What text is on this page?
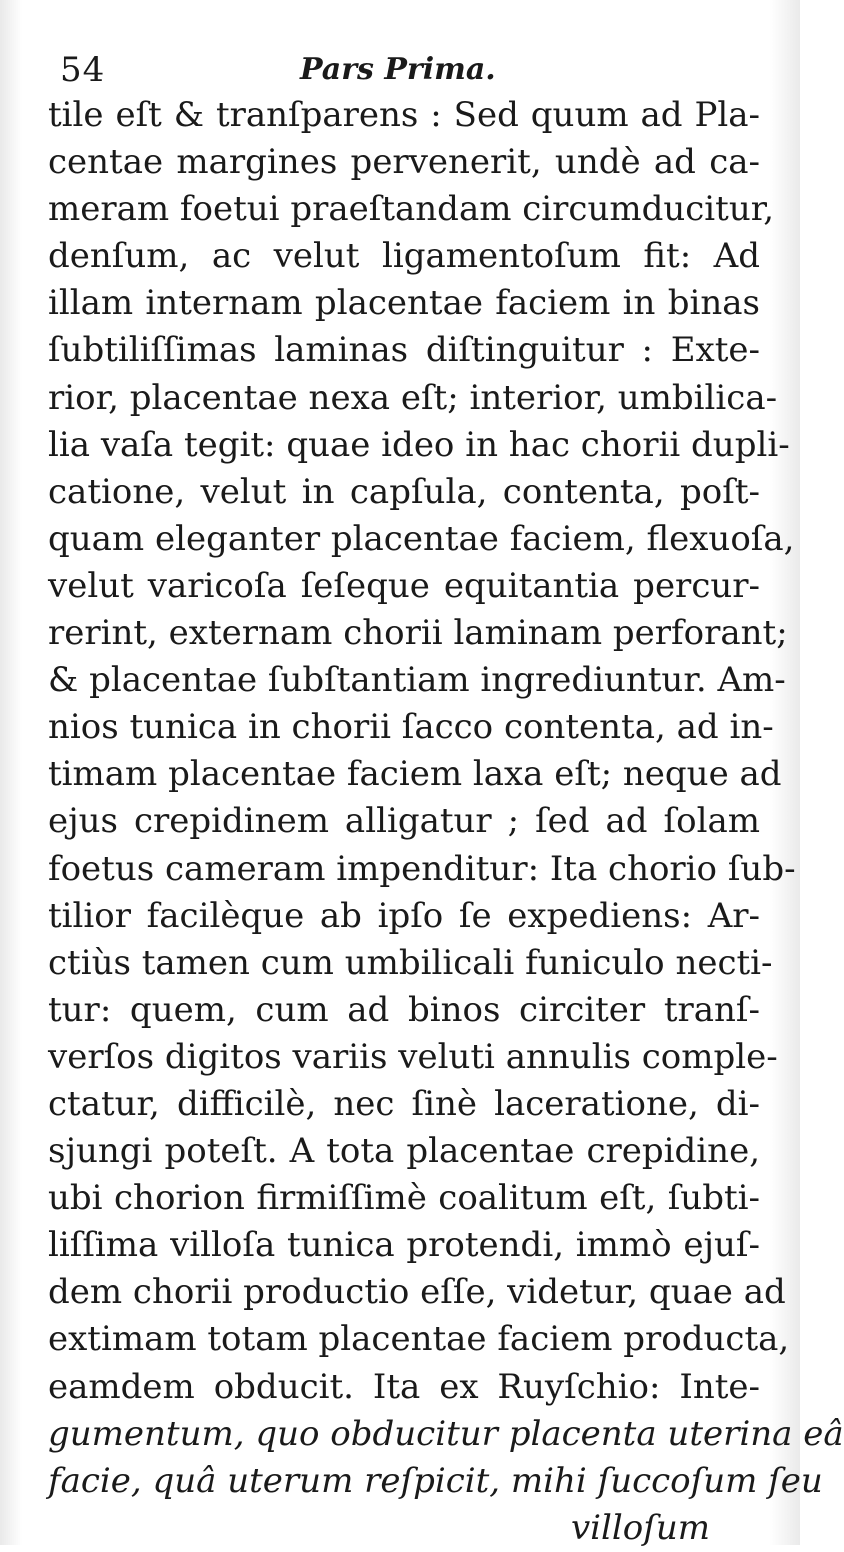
54	Pars Prima.
tile eſt & tranſparens : Sed quum ad Pla-
centae margines pervenerit, undè ad ca-
meram foetui praeſtandam circumducitur,
denſum, ac velut ligamentoſum fit: Ad
illam internam placentae faciem in binas
ſubtiliſſimas laminas diſtinguitur : Exte-
rior, placentae nexa eſt; interior, umbilica-
lia vaſa tegit: quae ideo in hac chorii dupli-
catione, velut in capſula, contenta, poſt-
quam eleganter placentae faciem, flexuoſa,
velut varicoſa ſeſeque equitantia percur-
rerint, externam chorii laminam perforant;
& placentae ſubſtantiam ingrediuntur. Am-
nios tunica in chorii ſacco contenta, ad in-
timam placentae faciem laxa eſt; neque ad
ejus crepidinem alligatur ; ſed ad ſolam
foetus cameram impenditur: Ita chorio ſub-
tilior facilèque ab ipſo ſe expediens: Ar-
ctiùs tamen cum umbilicali funiculo necti-
tur: quem, cum ad binos circiter tranſ-
verſos digitos variis veluti annulis comple-
ctatur, difficilè, nec ſinè laceratione, di-
sjungi poteſt. A tota placentae crepidine,
ubi chorion firmiſſimè coalitum eſt, ſubti-
liſſima villoſa tunica protendi, immò ejuſ-
dem chorii productio eſſe, videtur, quae ad
extimam totam placentae faciem producta,
eamdem obducit. Ita ex Ruyſchio: Inte-
gumentum, quo obducitur placenta uterina eâ
facie, quâ uterum reſpicit, mihi ſuccoſum ſeu
villoſum
